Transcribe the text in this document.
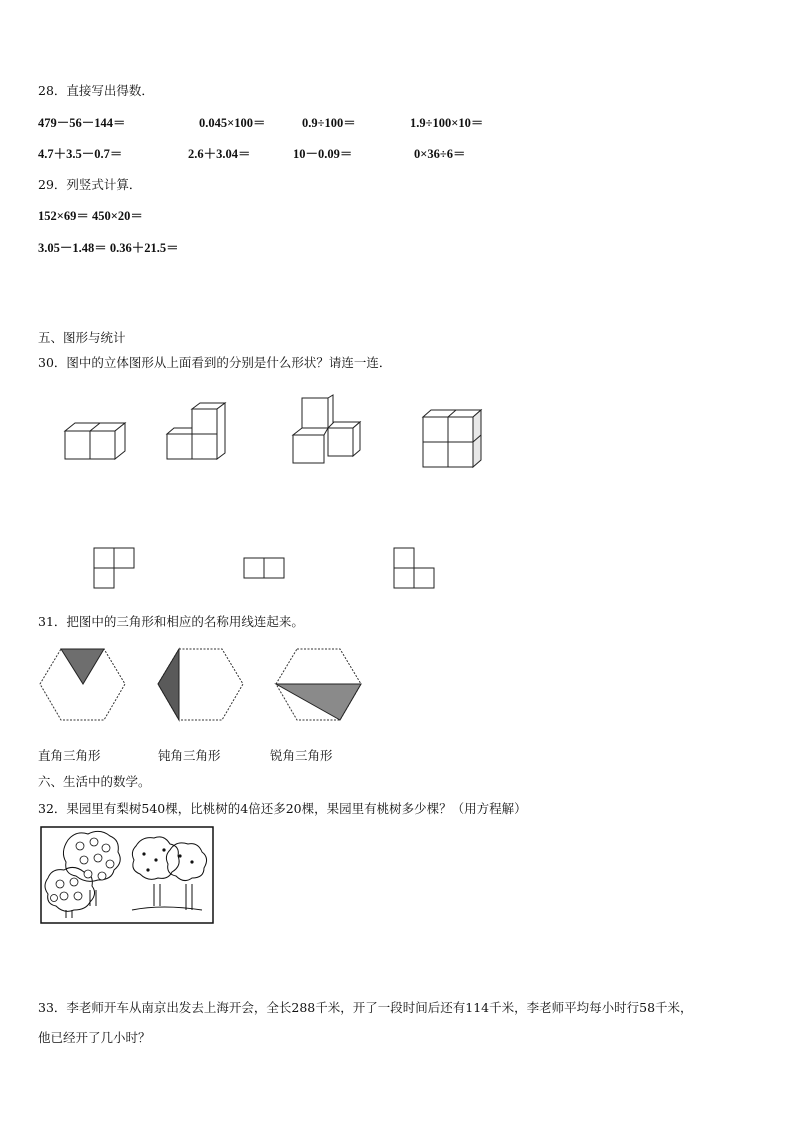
28．直接写出得数．
479－56－144＝	0.045×100＝	0.9÷100＝	1.9÷100×10＝
4.7＋3.5－0.7＝	2.6＋3.04＝	10－0.09＝	0×36÷6＝
29．列竖式计算．
152×69＝ 450×20＝
3.05－1.48＝ 0.36＋21.5＝
五、图形与统计
30．图中的立体图形从上面看到的分别是什么形状？请连一连．
31．把图中的三角形和相应的名称用线连起来。
直角三角形	钝角三角形	锐角三角形
六、生活中的数学。
32．果园里有梨树540棵，比桃树的4倍还多20棵，果园里有桃树多少棵？（用方程解）
33．李老师开车从南京出发去上海开会，全长288千米，开了一段时间后还有114千米，李老师平均每小时行58千米，
他已经开了几小时？
